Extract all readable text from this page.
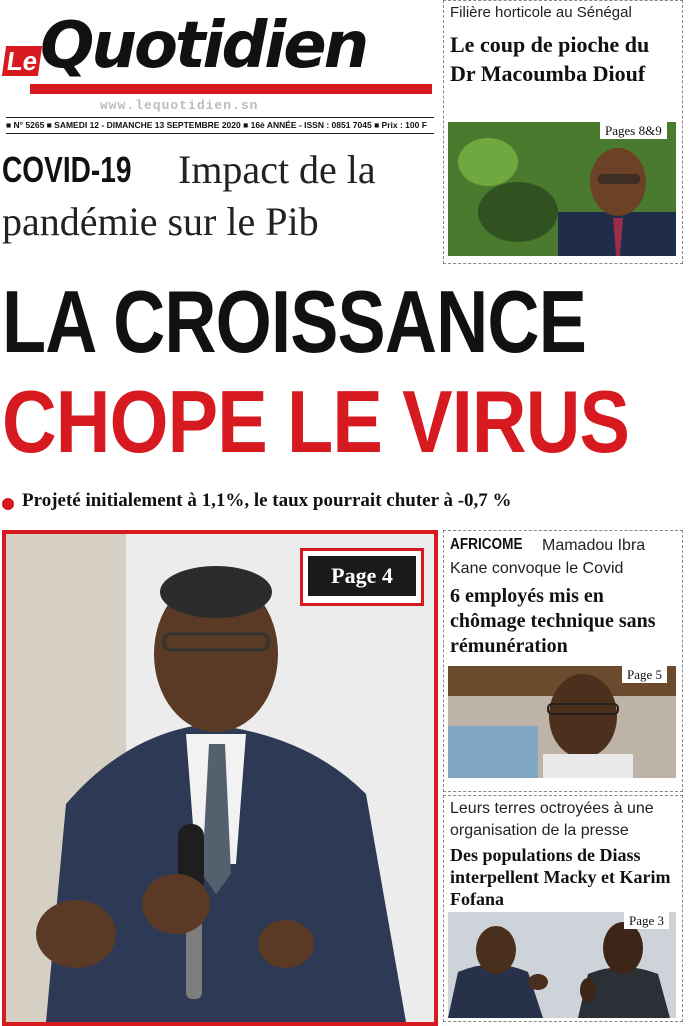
Quotidien
Le
www.lequotidien.sn
■ N° 5265 ■ SAMEDI 12 - DIMANCHE 13 SEPTEMBRE 2020 ■ 16è ANNÉE - ISSN : 0851 7045 ■ Prix : 100 F
COVID-19 Impact de la
pandémie sur le Pib
Filière horticole au Sénégal
Le coup de pioche du Dr Macoumba Diouf
Pages 8&9
LA CROISSANCE
CHOPE LE VIRUS
Projeté initialement à 1,1%, le taux pourrait chuter à -0,7 %
Page 4
AFRICOME Mamadou Ibra
Kane convoque le Covid
6 employés mis en chômage technique sans rémunération
Page 5
Leurs terres octroyées à une
organisation de la presse
Des populations de Diass interpellent Macky et Karim Fofana
Page 3
